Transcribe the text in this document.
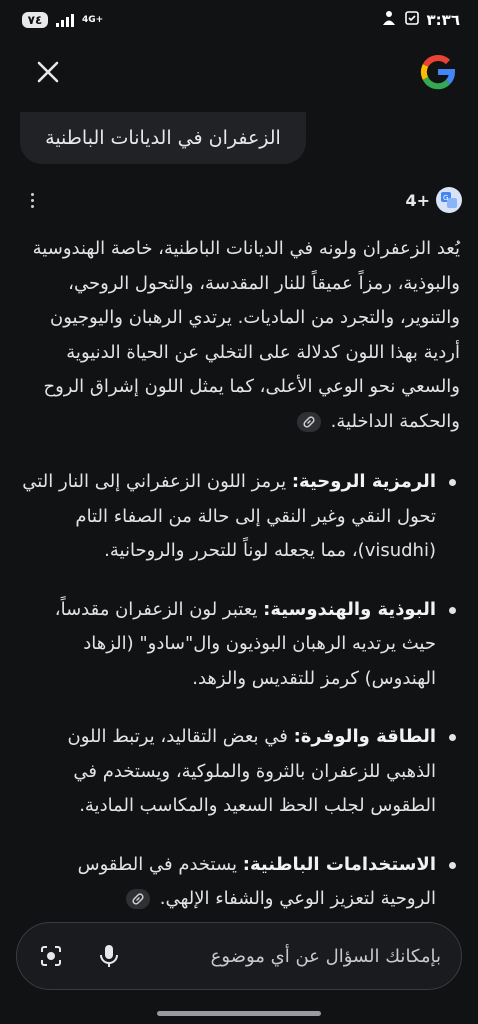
٧٤	4G+	٣:٣٦
الزعفران في الديانات الباطنية
4+ G

يُعد الزعفران ولونه في الديانات الباطنية، خاصة الهندوسية والبوذية، رمزاً عميقاً للنار المقدسة، والتحول الروحي، والتنوير، والتجرد من الماديات. يرتدي الرهبان واليوجيون أردية بهذا اللون كدلالة على التخلي عن الحياة الدنيوية والسعي نحو الوعي الأعلى، كما يمثل اللون إشراق الروح والحكمة الداخلية.

الرمزية الروحية: يرمز اللون الزعفراني إلى النار التي تحول النقي وغير النقي إلى حالة من الصفاء التام (visudhi)، مما يجعله لوناً للتحرر والروحانية.
البوذية والهندوسية: يعتبر لون الزعفران مقدساً، حيث يرتديه الرهبان البوذيون وال"سادو" (الزهاد الهندوس) كرمز للتقديس والزهد.
الطاقة والوفرة: في بعض التقاليد، يرتبط اللون الذهبي للزعفران بالثروة والملوكية، ويستخدم في الطقوس لجلب الحظ السعيد والمكاسب المادية.
الاستخدامات الباطنية: يستخدم في الطقوس الروحية لتعزيز الوعي والشفاء الإلهي.
بإمكانك السؤال عن أي موضوع
